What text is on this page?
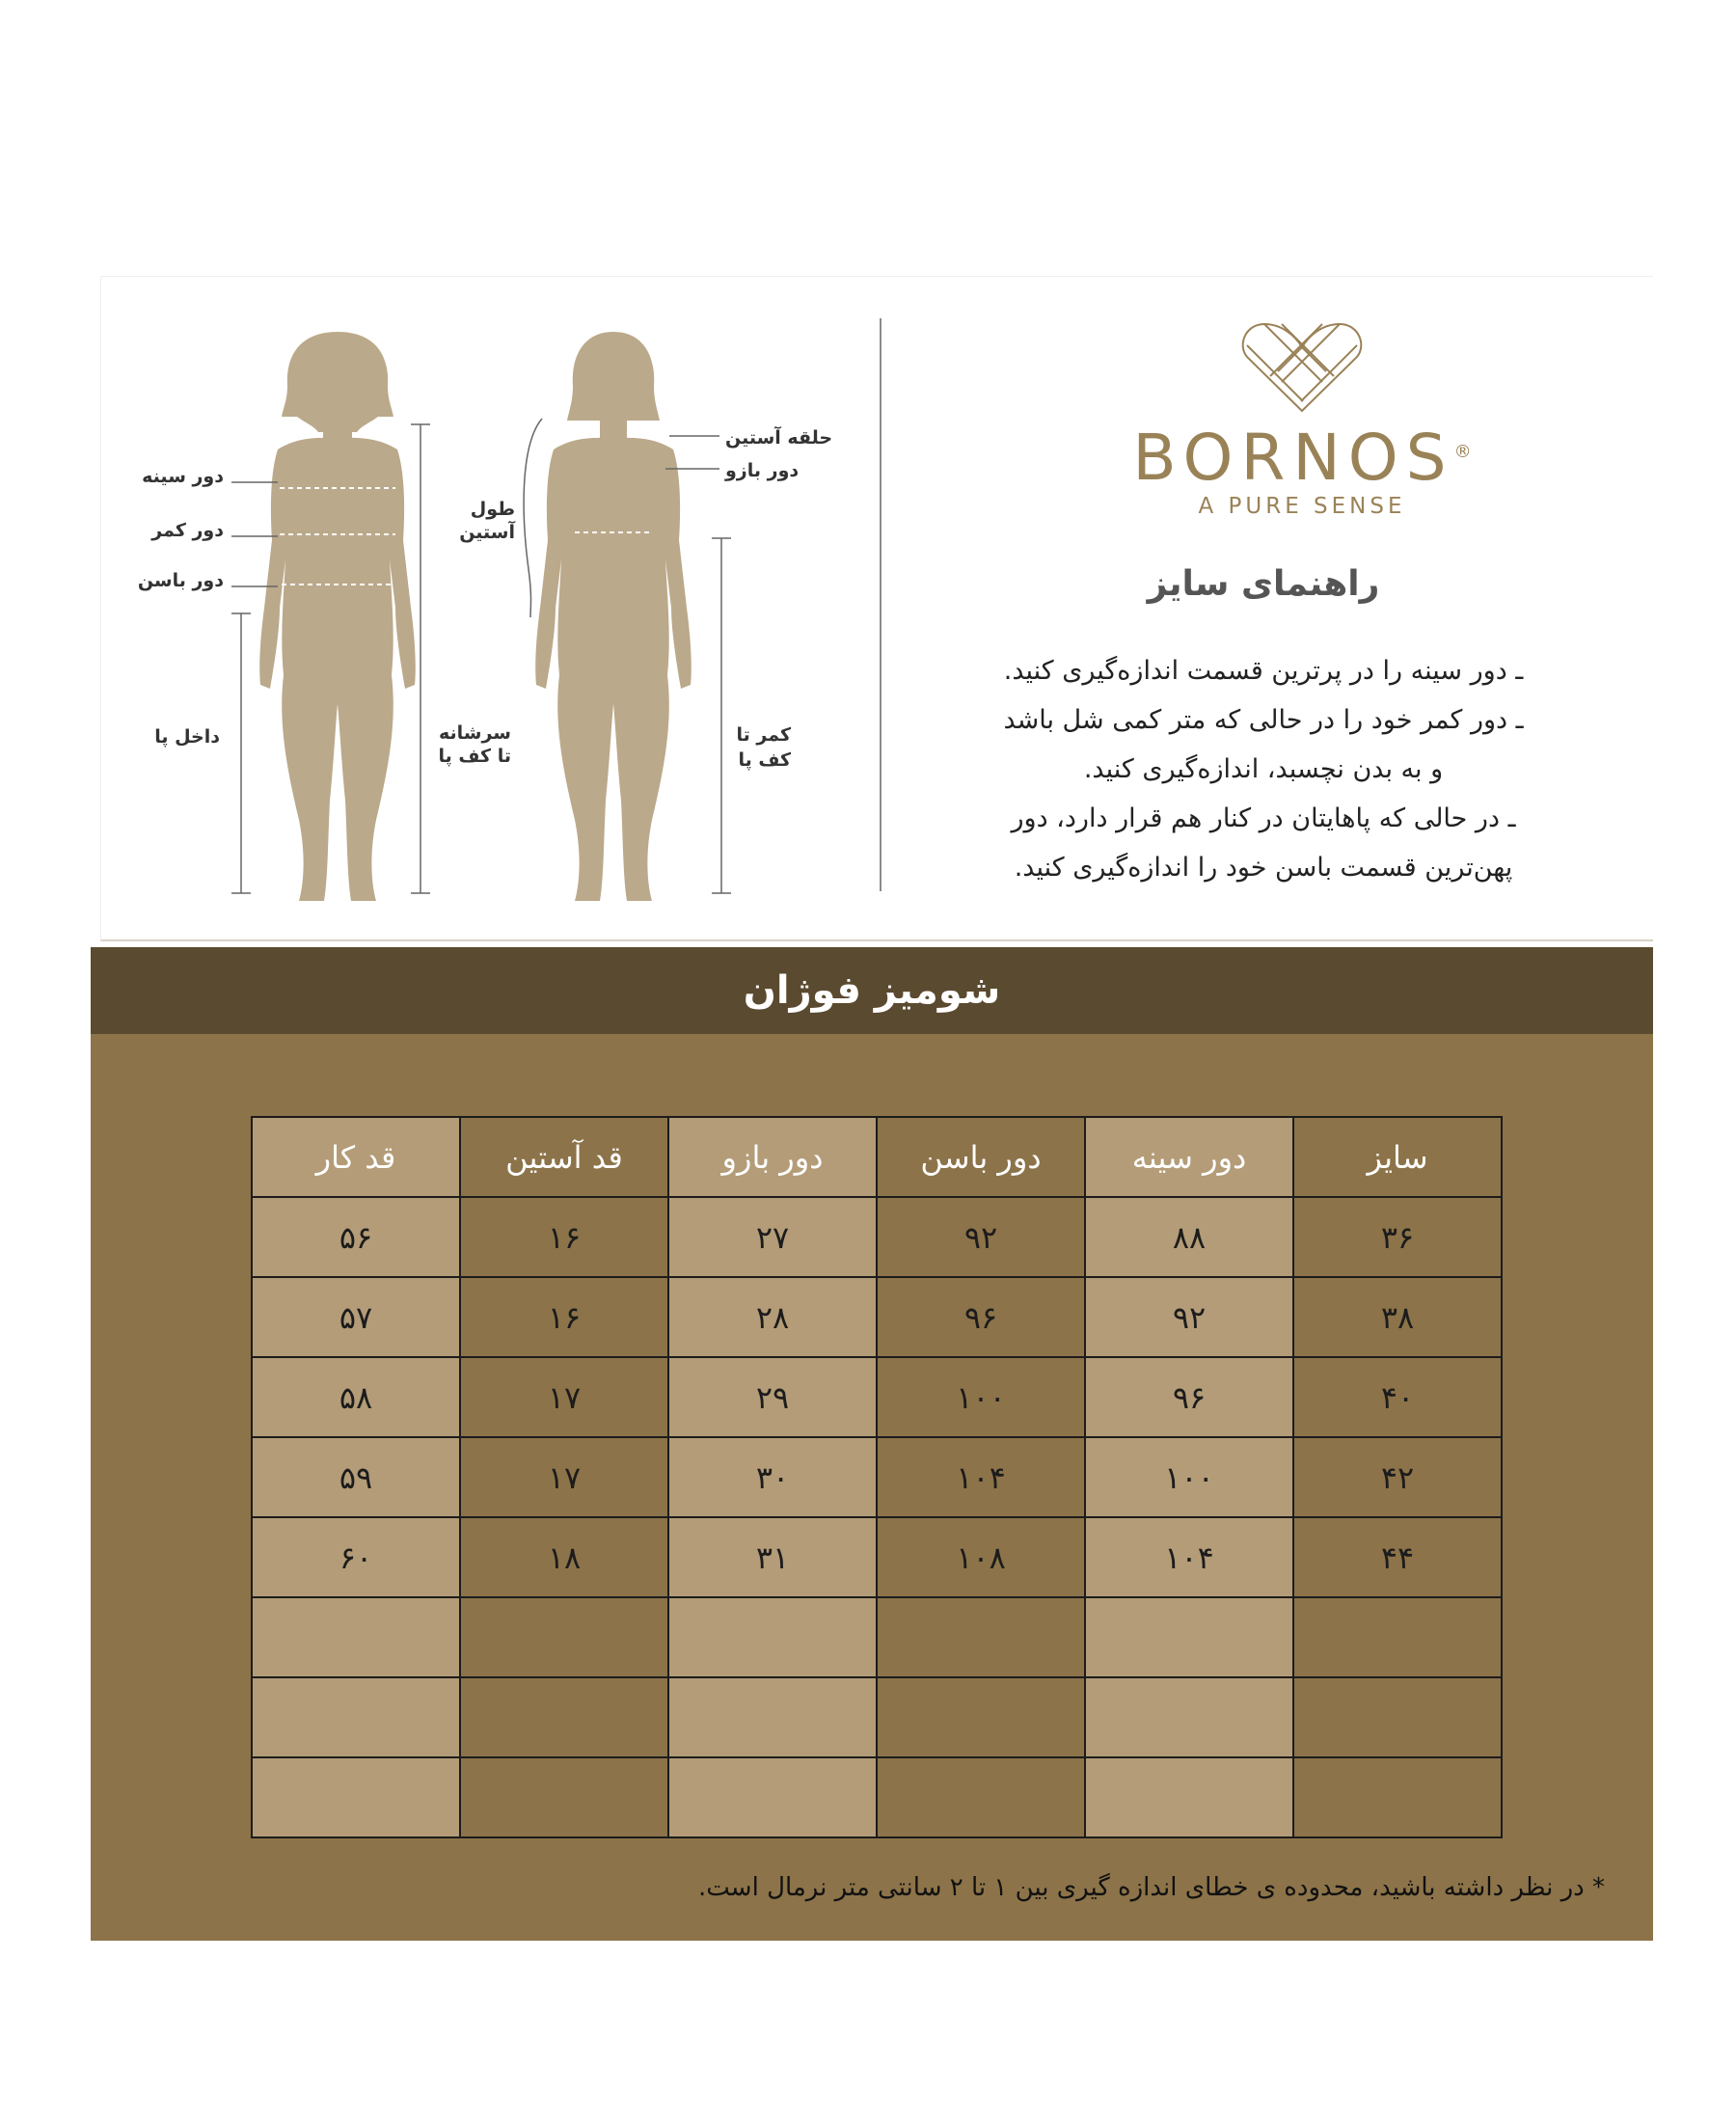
دور سینه
دور کمر
دور باسن
داخل پا	سرشانه
تا کف پا
حلقه آستین
دور بازو
طول
آستین
کمر تا
کف پا
BORNOS®
A PURE SENSE
راهنمای سایز

ـ دور سینه را در پرترین قسمت اندازه‌گیری کنید.

ـ دور کمر خود را در حالی که متر کمی شل باشد

و به بدن نچسبد، اندازه‌گیری کنید.

ـ در حالی که پاهایتان در کنار هم قرار دارد، دور

پهن‌ترین قسمت باسن خود را اندازه‌گیری کنید.

شومیز فوژان
سایز	دور سینه	دور باسن	دور بازو	قد آستین	قد کار
۳۶	۸۸	۹۲	۲۷	۱۶	۵۶
۳۸	۹۲	۹۶	۲۸	۱۶	۵۷
۴۰	۹۶	۱۰۰	۲۹	۱۷	۵۸
۴۲	۱۰۰	۱۰۴	۳۰	۱۷	۵۹
۴۴	۱۰۴	۱۰۸	۳۱	۱۸	۶۰

* در نظر داشته باشید، محدوده ی خطای اندازه گیری بین ۱ تا ۲ سانتی متر نرمال است.
